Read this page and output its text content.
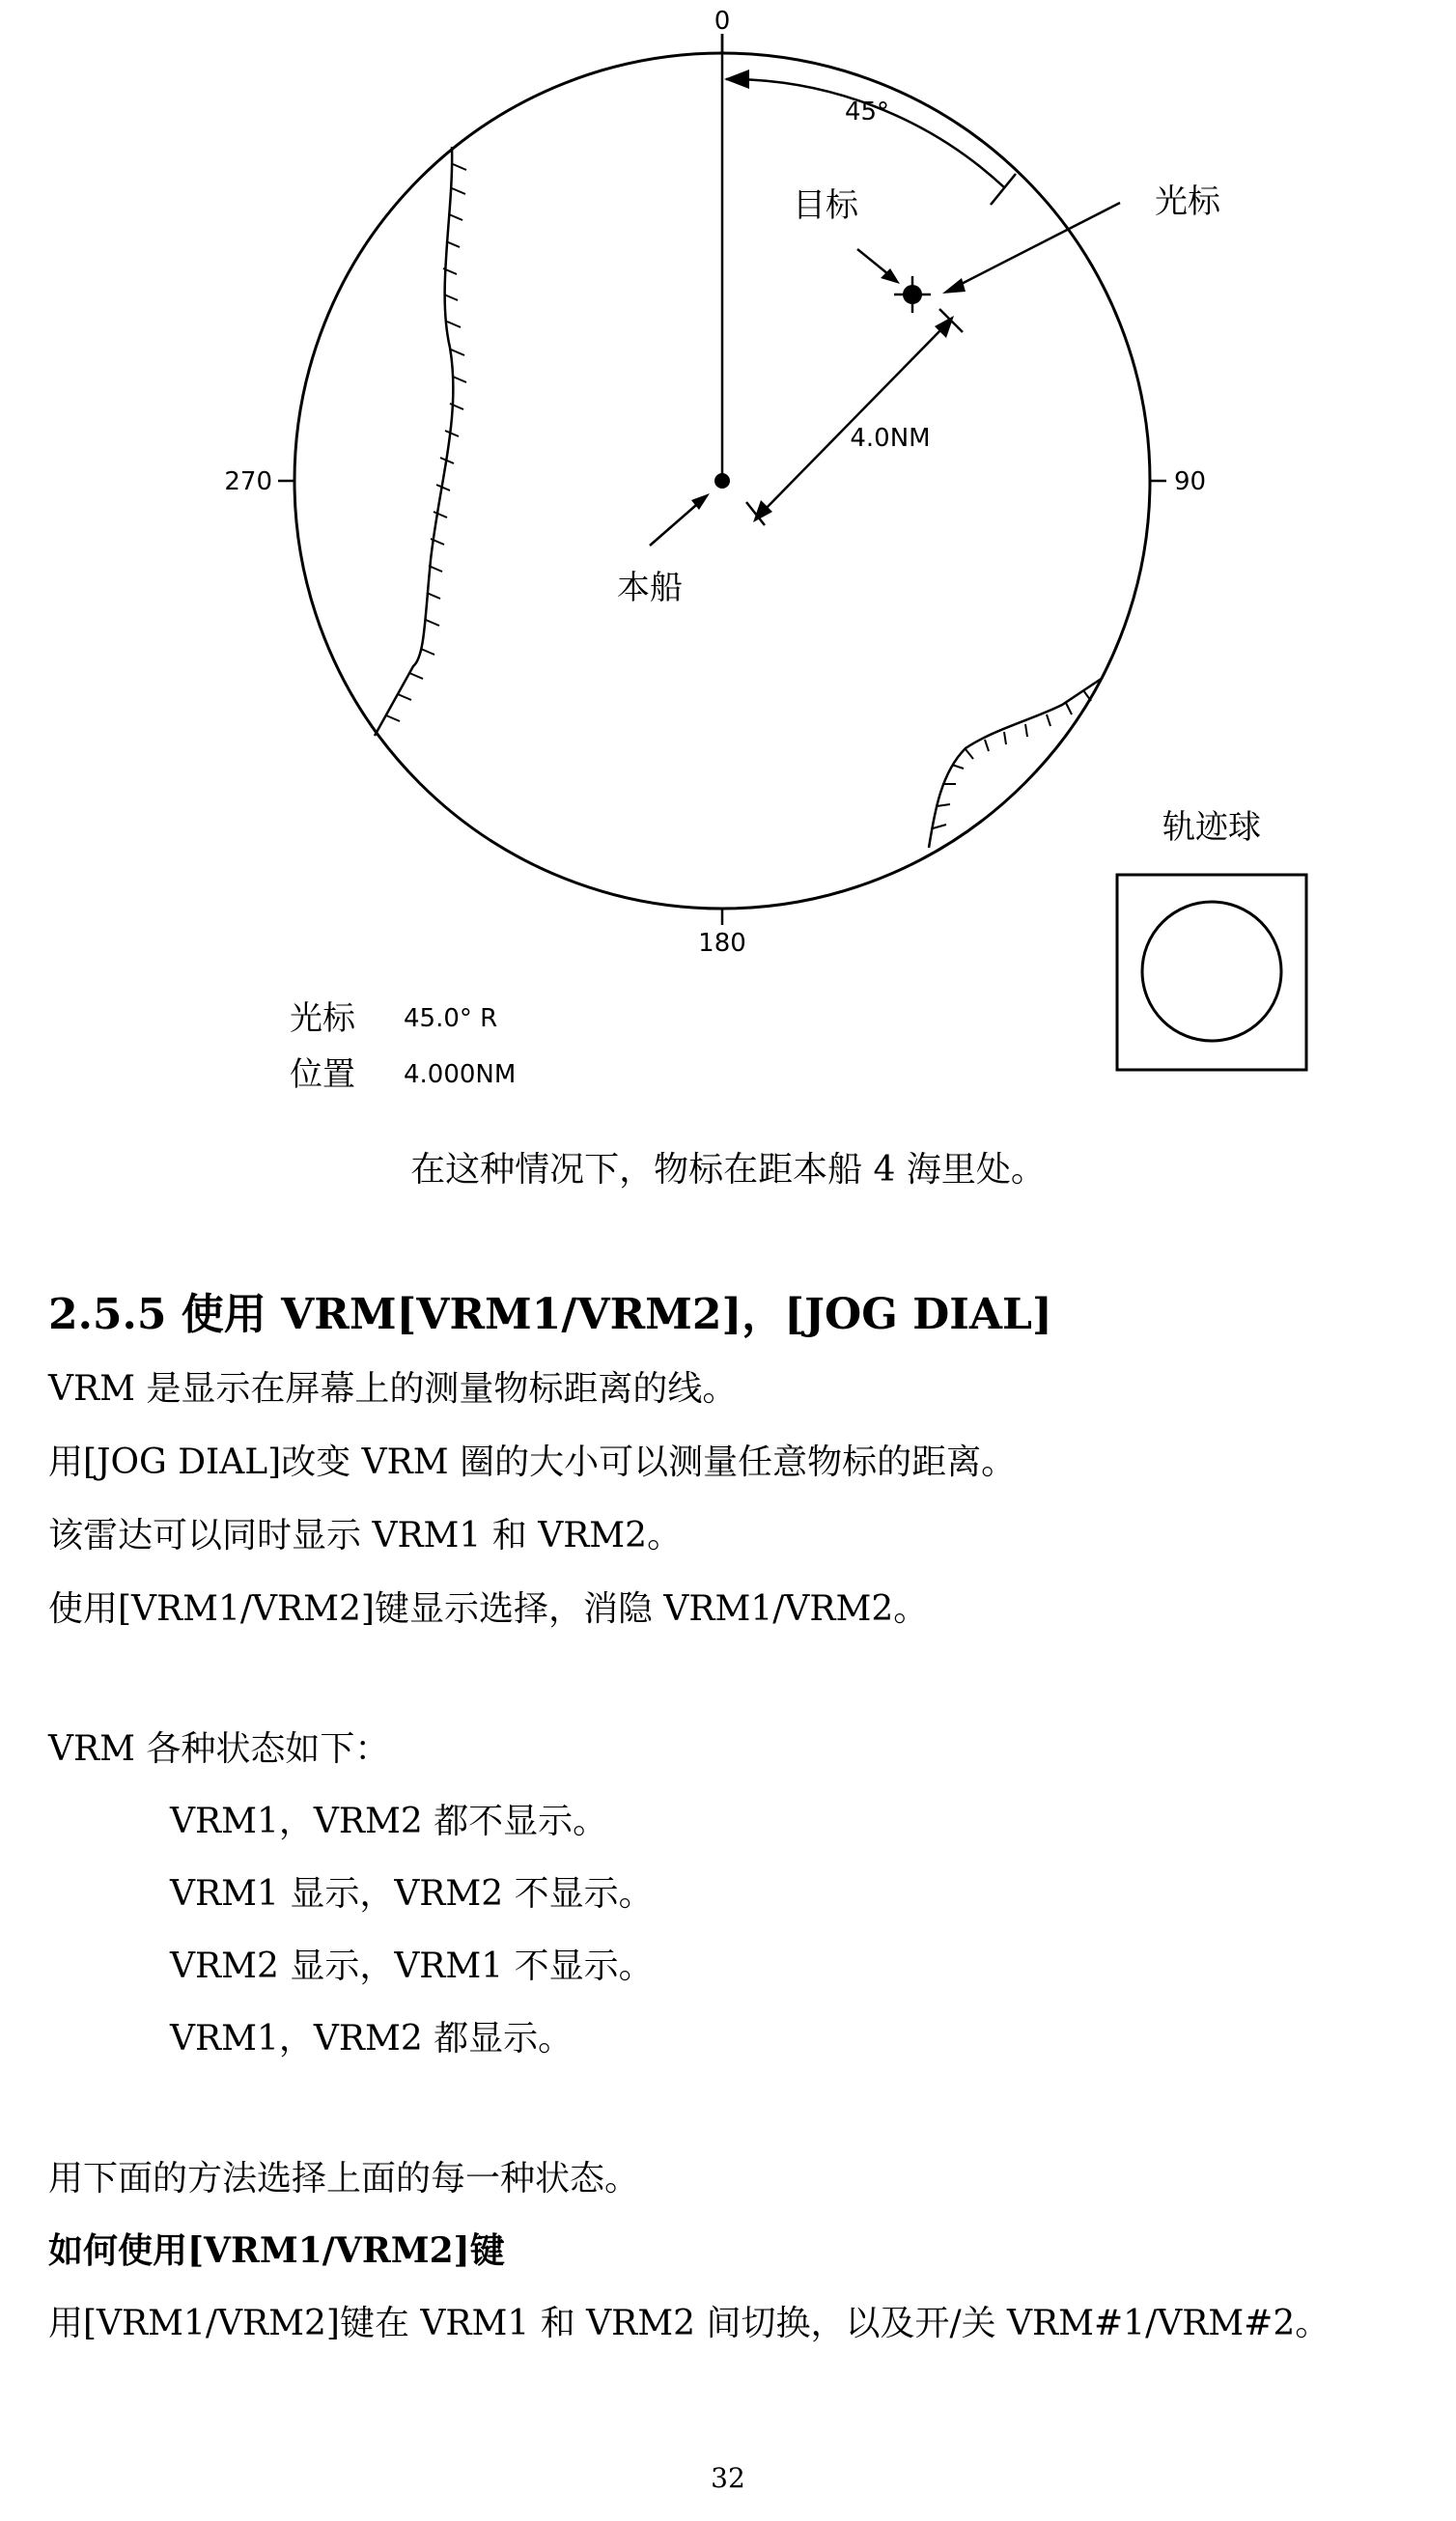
0
90
180
270
45°
本船
目标	光标
4.0NM
轨迹球
光标 45.0° R
位置 4.000NM
在这种情况下，物标在距本船 4 海里处。
2.5.5 使用 VRM[VRM1/VRM2]，[JOG DIAL]

VRM 是显示在屏幕上的测量物标距离的线。

用[JOG DIAL]改变 VRM 圈的大小可以测量任意物标的距离。

该雷达可以同时显示 VRM1 和 VRM2。

使用[VRM1/VRM2]键显示选择，消隐 VRM1/VRM2。

VRM 各种状态如下：

VRM1，VRM2 都不显示。

VRM1 显示，VRM2 不显示。

VRM2 显示，VRM1 不显示。

VRM1，VRM2 都显示。

用下面的方法选择上面的每一种状态。

如何使用[VRM1/VRM2]键

用[VRM1/VRM2]键在 VRM1 和 VRM2 间切换，以及开/关 VRM#1/VRM#2。

32
